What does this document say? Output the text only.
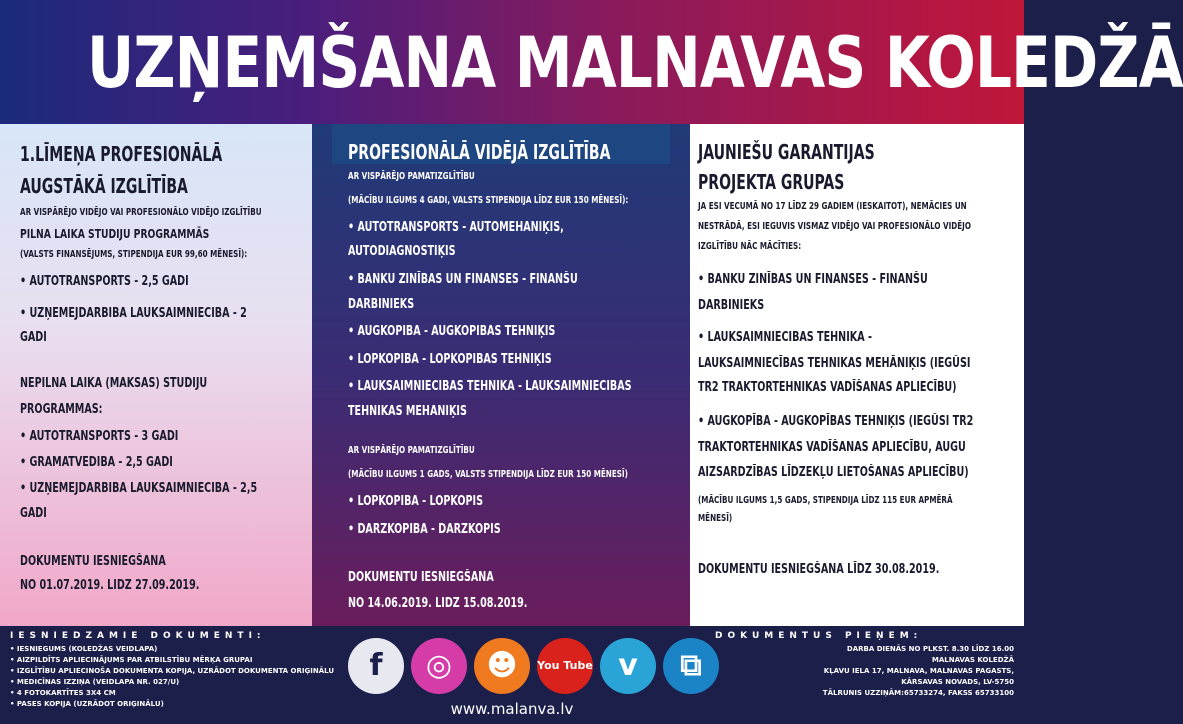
UZŅEMŠANA MALNAVAS KOLEDŽĀ
1.LĪMEŅA PROFESIONĀLĀ
AUGSTĀKĀ IZGLĪTĪBA
AR VISPĀRĒJO VIDĒJO VAI PROFESIONĀLO VIDĒJO IZGLĪTĪBU
PILNA LAIKA STUDIJU PROGRAMMĀS
(VALSTS FINANSĒJUMS, STIPENDIJA EUR 99,60 MĒNESĪ):
• AUTOTRANSPORTS - 2,5 GADI
• UZŅĒMĒJDARBĪBA LAUKSAIMNIECĪBĀ - 2
GADI
NEPILNA LAIKA (MAKSAS) STUDIJU
PROGRAMMĀS:
• AUTOTRANSPORTS - 3 GADI
• GRĀMATVEDĪBA - 2,5 GADI
• UZŅĒMĒJDARBĪBA LAUKSAIMNIECĪBĀ - 2,5
GADI
DOKUMENTU IESNIEGŠANA
NO 01.07.2019. LĪDZ 27.09.2019.
PROFESIONĀLĀ VIDĒJĀ IZGLĪTĪBA
AR VISPĀRĒJO PAMATIZGLĪTĪBU
(MĀCĪBU ILGUMS 4 GADI, VALSTS STIPENDIJA LĪDZ EUR 150 MĒNESĪ):
• AUTOTRANSPORTS - AUTOMEHĀNIĶIS,
AUTODIAGNOSTIĶIS
• BANKU ZINĪBAS UN FINANSES - FINANŠU
DARBINIEKS
• AUGKOPĪBA - AUGKOPĪBAS TEHNIĶIS
• LOPKOPĪBA - LOPKOPĪBAS TEHNIĶIS
• LAUKSAIMNIECĪBAS TEHNIKA - LAUKSAIMNIECĪBAS
TEHNIKAS MEHĀNIĶIS
AR VISPĀRĒJO PAMATIZGLĪTĪBU
(MĀCĪBU ILGUMS 1 GADS, VALSTS STIPENDIJA LĪDZ EUR 150 MĒNESĪ)
• LOPKOPĪBA - LOPKOPIS
• DĀRZKOPĪBA - DĀRZKOPIS
DOKUMENTU IESNIEGŠANA
NO 14.06.2019. LĪDZ 15.08.2019.
JAUNIEŠU GARANTIJAS
PROJEKTA GRUPAS
JA ESI VECUMĀ NO 17 LĪDZ 29 GADIEM (IESKAITOT), NEMĀCIES UN
NESTRĀDĀ, ESI IEGUVIS VISMAZ VIDĒJO VAI PROFESIONĀLO VIDĒJO
IZGLĪTĪBU NĀC MĀCĪTIES:
• BANKU ZINĪBAS UN FINANSES - FINANŠU
DARBINIEKS
• LAUKSAIMNIECĪBAS TEHNIKA -
LAUKSAIMNIECĪBAS TEHNIKAS MEHĀNIĶIS (IEGŪSI
TR2 TRAKTORTEHNIKAS VADĪŠANAS APLIECĪBU)
• AUGKOPĪBA - AUGKOPĪBAS TEHNIĶIS (IEGŪSI TR2
TRAKTORTEHNIKAS VADĪŠANAS APLIECĪBU, AUGU
AIZSARDZĪBAS LĪDZEKĻU LIETOŠANAS APLIECĪBU)
(MĀCĪBU ILGUMS 1,5 GADS, STIPENDIJA LĪDZ 115 EUR APMĒRĀ
MĒNESĪ)
DOKUMENTU IESNIEGŠANA LĪDZ 30.08.2019.
IESNIEDZAMIE DOKUMENTI:
• IESNIEGUMS (KOLEDŽAS VEIDLAPA)
• AIZPILDĪTS APLIECINĀJUMS PAR ATBILSTĪBU MĒRĶA GRUPAI
• IZGLĪTĪBU APLIECINOŠA DOKUMENTA KOPIJA, UZRĀDOT DOKUMENTA ORIĢINĀLU
• MEDICĪNAS IZZIŅA (VEIDLAPA NR. 027/U)
• 4 FOTOKARTĪTES 3X4 CM
• PASES KOPIJA (UZRĀDOT ORIĢINĀLU)
DOKUMENTUS PIEŅEM:
DARBA DIENĀS NO PLKST. 8.30 LĪDZ 16.00
MALNAVAS KOLEDŽĀ
KĻAVU IELA 17, MALNAVA, MALNAVAS PAGASTS,
KĀRSAVAS NOVADS, LV-5750
TĀLRUNIS UZZIŅĀM:65733274, FAKSS 65733100
f	◎	☻	You Tube v	⧉
www.malanva.lv
